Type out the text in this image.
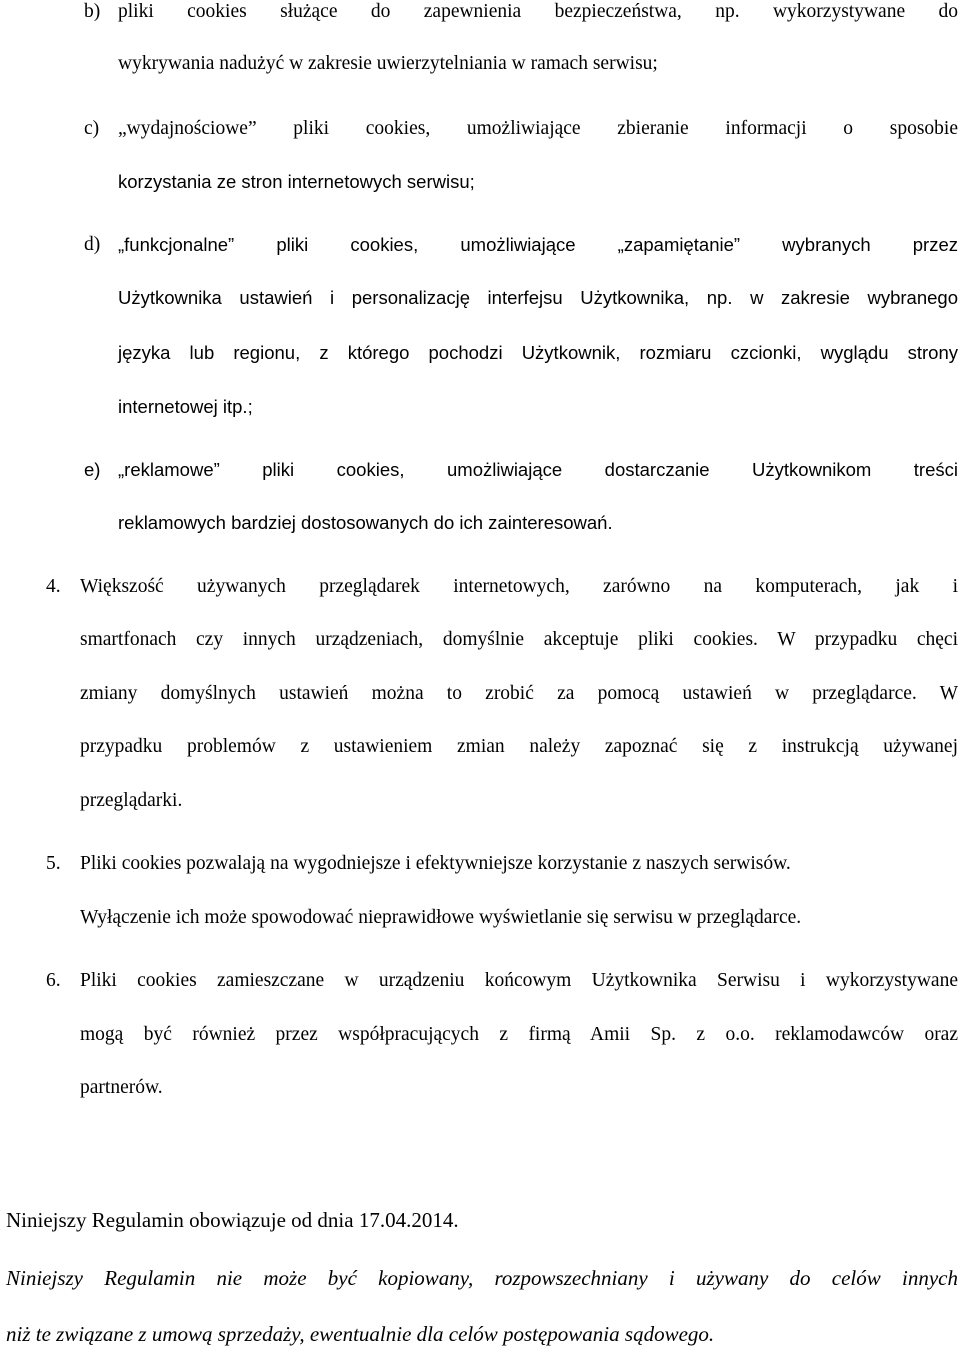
b) pliki cookies służące do zapewnienia bezpieczeństwa, np. wykorzystywane do
wykrywania nadużyć w zakresie uwierzytelniania w ramach serwisu;
c) „wydajnościowe” pliki cookies, umożliwiające zbieranie informacji o sposobie
korzystania ze stron internetowych serwisu;
d) „funkcjonalne” pliki cookies, umożliwiające „zapamiętanie” wybranych przez
Użytkownika ustawień i personalizację interfejsu Użytkownika, np. w zakresie wybranego
języka lub regionu, z którego pochodzi Użytkownik, rozmiaru czcionki, wyglądu strony
internetowej itp.;
e) „reklamowe” pliki cookies, umożliwiające dostarczanie Użytkownikom treści
reklamowych bardziej dostosowanych do ich zainteresowań.
4. Większość używanych przeglądarek internetowych, zarówno na komputerach, jak i
smartfonach czy innych urządzeniach, domyślnie akceptuje pliki cookies. W przypadku chęci
zmiany domyślnych ustawień można to zrobić za pomocą ustawień w przeglądarce. W
przypadku problemów z ustawieniem zmian należy zapoznać się z instrukcją używanej
przeglądarki.
5. Pliki cookies pozwalają na wygodniejsze i efektywniejsze korzystanie z naszych serwisów.
Wyłączenie ich może spowodować nieprawidłowe wyświetlanie się serwisu w przeglądarce.
6. Pliki cookies zamieszczane w urządzeniu końcowym Użytkownika Serwisu i wykorzystywane
mogą być również przez współpracujących z firmą Amii Sp. z o.o. reklamodawców oraz
partnerów.
Niniejszy Regulamin obowiązuje od dnia 17.04.2014.
Niniejszy Regulamin nie może być kopiowany, rozpowszechniany i używany do celów innych
niż te związane z umową sprzedaży, ewentualnie dla celów postępowania sądowego.
